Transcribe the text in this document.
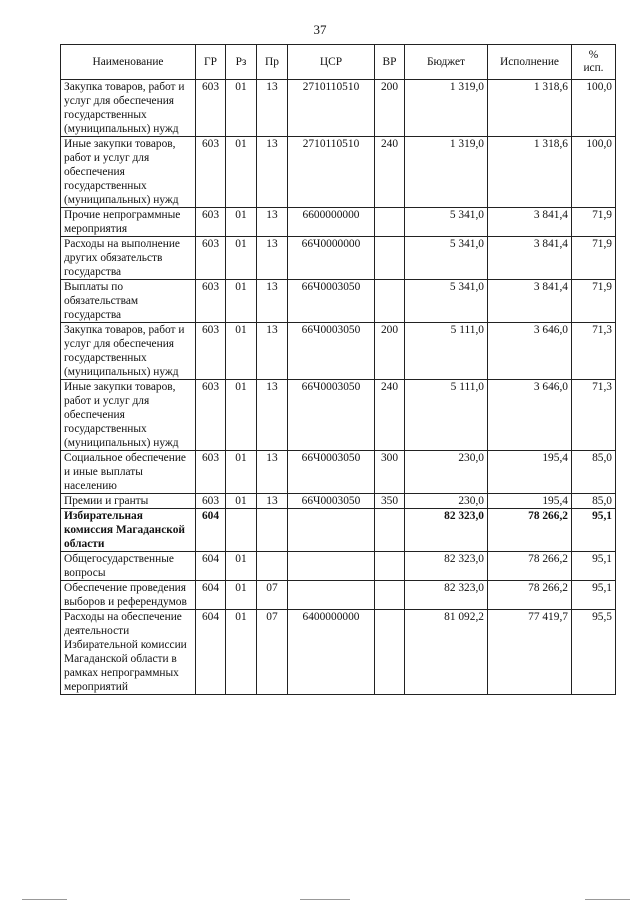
37
Наименование	ГР	Рз	Пр	ЦСР	ВР	Бюджет	Исполнение	%
исп.
Закупка товаров, работ и услуг для обеспечения государственных (муниципальных) нужд	603	01	13	2710110510	200	1 319,0	1 318,6	100,0
Иные закупки товаров, работ и услуг для обеспечения государственных (муниципальных) нужд	603	01	13	2710110510	240	1 319,0	1 318,6	100,0
Прочие непрограммные мероприятия	603	01	13	6600000000		5 341,0	3 841,4	71,9
Расходы на выполнение других обязательств государства	603	01	13	66Ч0000000		5 341,0	3 841,4	71,9
Выплаты по обязательствам государства	603	01	13	66Ч0003050		5 341,0	3 841,4	71,9
Закупка товаров, работ и услуг для обеспечения государственных (муниципальных) нужд	603	01	13	66Ч0003050	200	5 111,0	3 646,0	71,3
Иные закупки товаров, работ и услуг для обеспечения государственных (муниципальных) нужд	603	01	13	66Ч0003050	240	5 111,0	3 646,0	71,3
Социальное обеспечение и иные выплаты населению	603	01	13	66Ч0003050	300	230,0	195,4	85,0
Премии и гранты	603	01	13	66Ч0003050	350	230,0	195,4	85,0
Избирательная комиссия Магаданской области	604					82 323,0	78 266,2	95,1
Общегосударственные вопросы	604	01				82 323,0	78 266,2	95,1
Обеспечение проведения выборов и референдумов	604	01	07			82 323,0	78 266,2	95,1
Расходы на обеспечение деятельности Избирательной комиссии Магаданской области в рамках непрограммных мероприятий	604	01	07	6400000000		81 092,2	77 419,7	95,5
